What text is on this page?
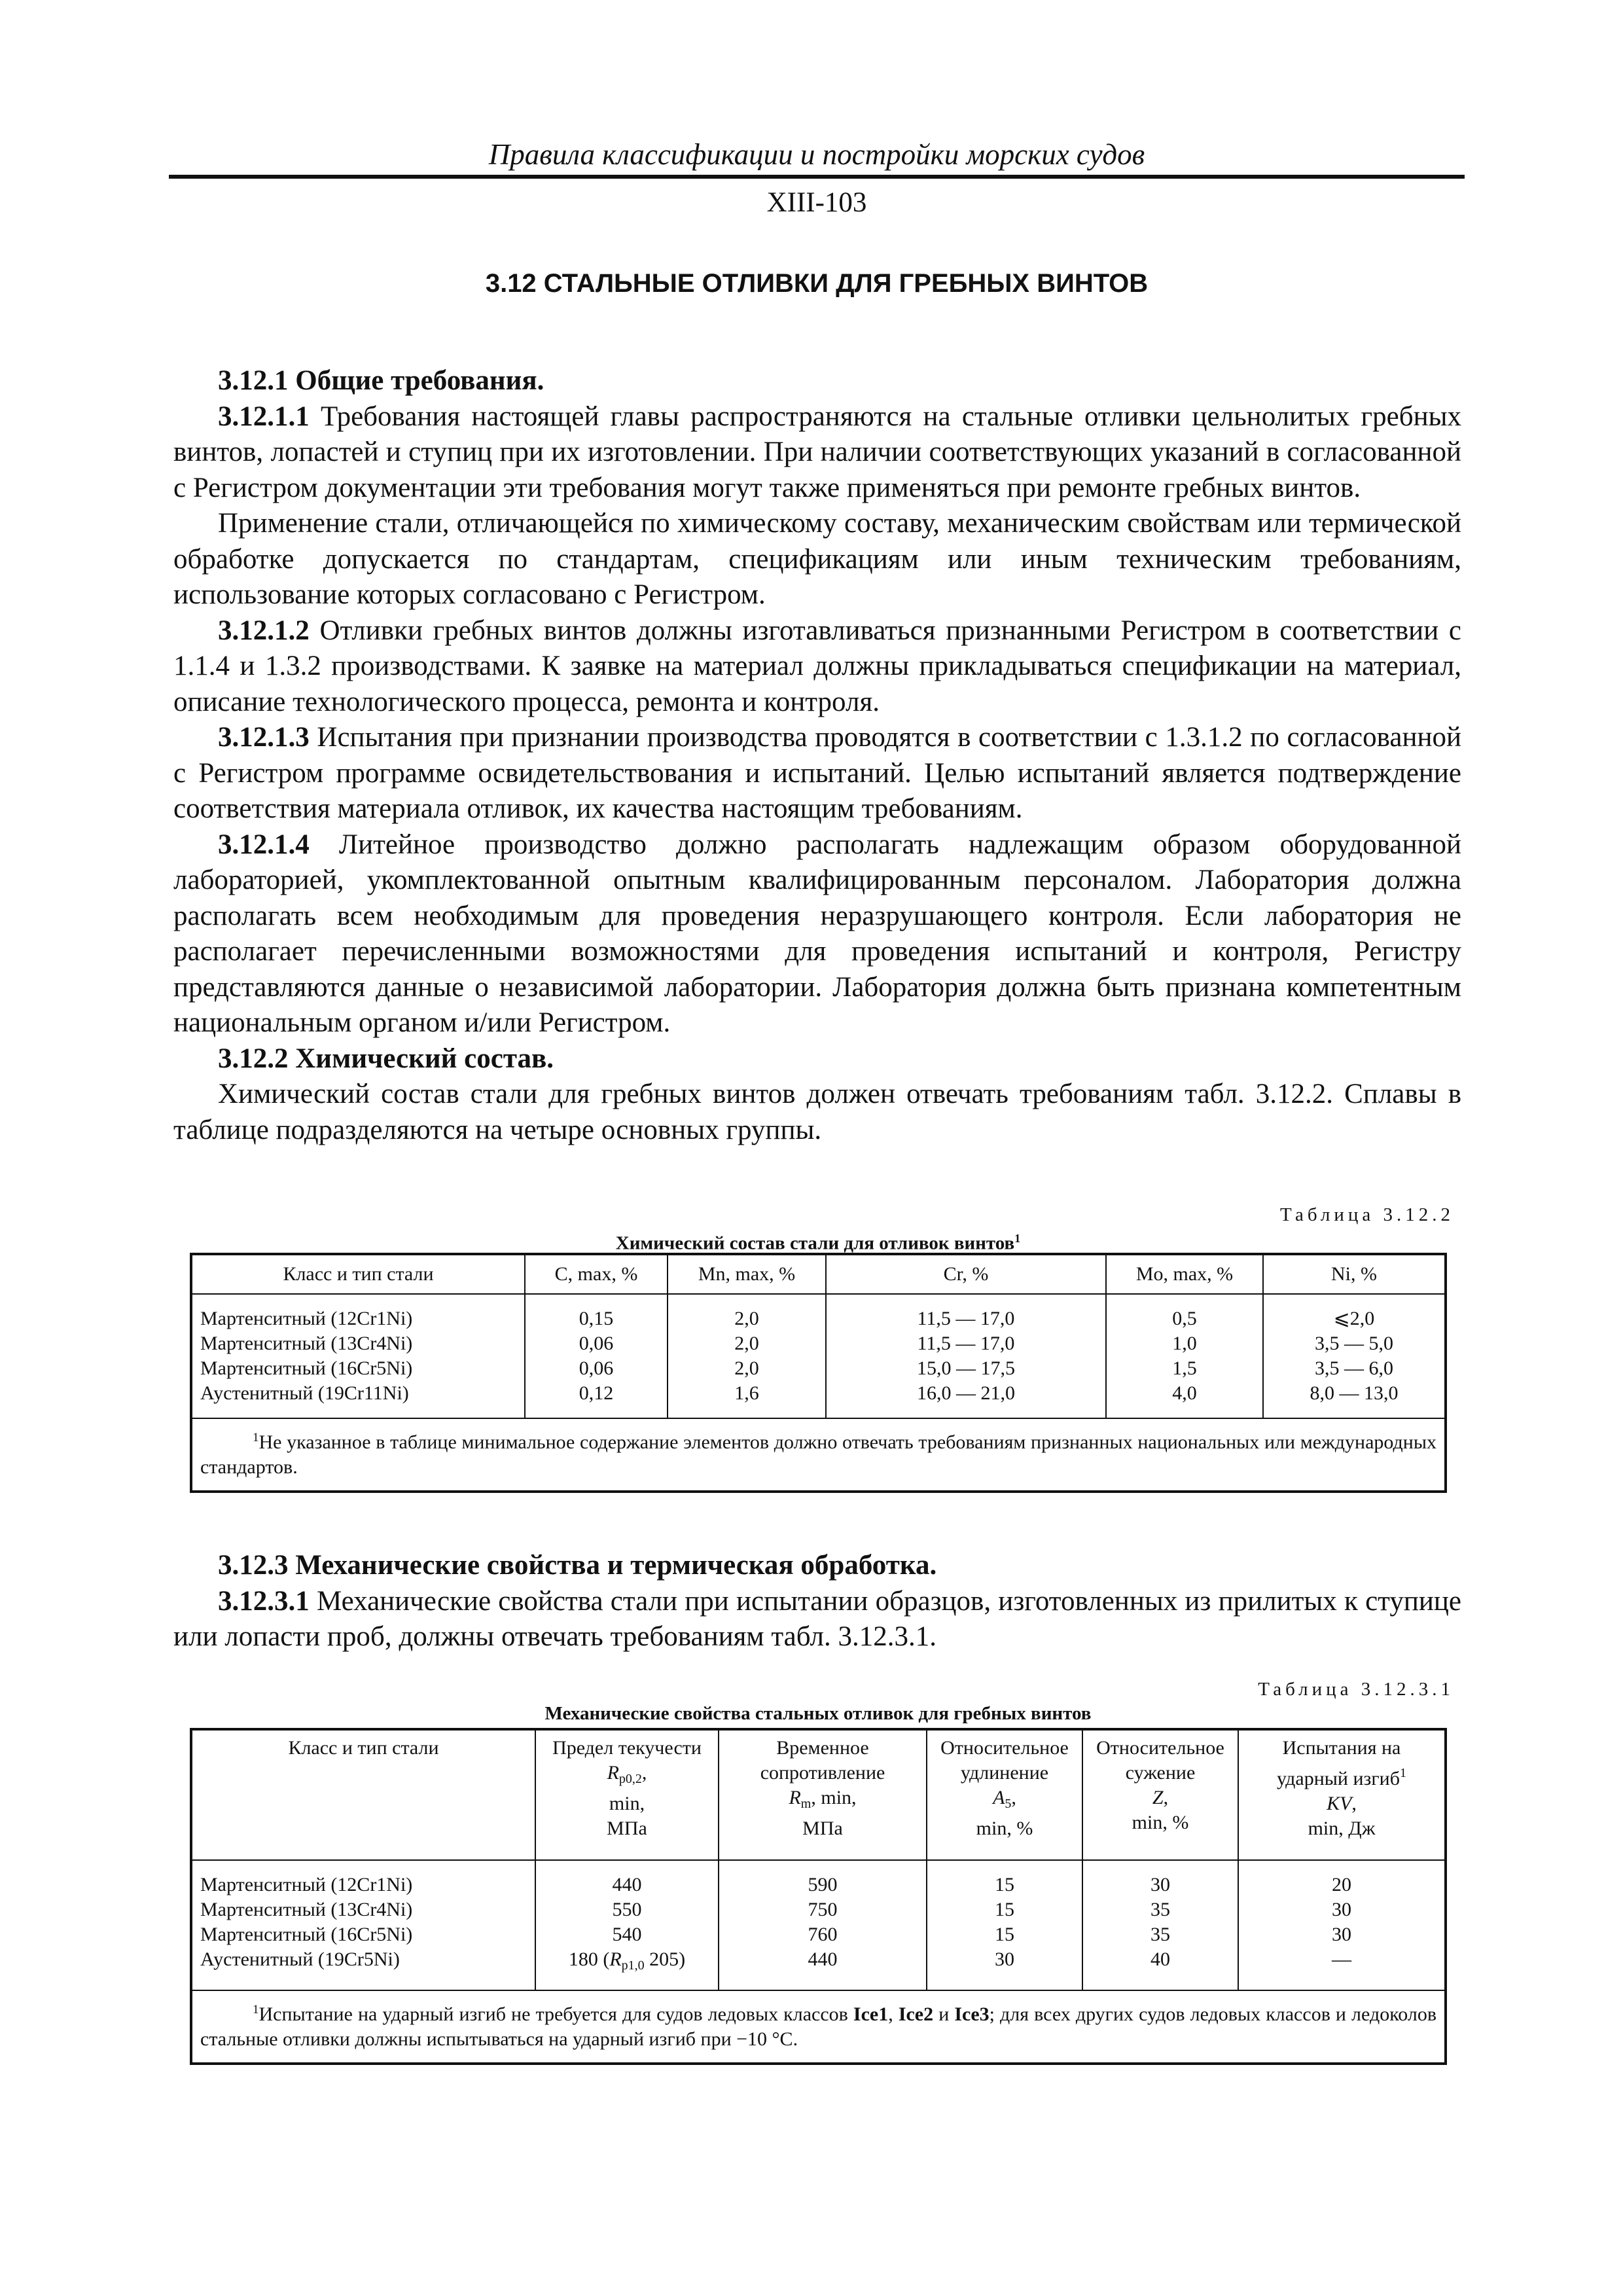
Правила классификации и постройки морских судов
XIII-103
3.12 СТАЛЬНЫЕ ОТЛИВКИ ДЛЯ ГРЕБНЫХ ВИНТОВ

3.12.1 Общие требования.

3.12.1.1 Требования настоящей главы распространяются на стальные отливки цельнолитых гребных винтов, лопастей и ступиц при их изготовлении. При наличии соответствующих указаний в согласованной с Регистром документации эти требования могут также применяться при ремонте гребных винтов.

Применение стали, отличающейся по химическому составу, механическим свойствам или термической обработке допускается по стандартам, спецификациям или иным техническим требованиям, использование которых согласовано с Регистром.

3.12.1.2 Отливки гребных винтов должны изготавливаться признанными Регистром в соответствии с 1.1.4 и 1.3.2 производствами. К заявке на материал должны прикладываться спецификации на материал, описание технологического процесса, ремонта и контроля.

3.12.1.3 Испытания при признании производства проводятся в соответствии с 1.3.1.2 по согласованной с Регистром программе освидетельствования и испытаний. Целью испытаний является подтверждение соответствия материала отливок, их качества настоящим требованиям.

3.12.1.4 Литейное производство должно располагать надлежащим образом оборудованной лабораторией, укомплектованной опытным квалифицированным персоналом. Лаборатория должна располагать всем необходимым для проведения неразрушающего контроля. Если лаборатория не располагает перечисленными возможностями для проведения испытаний и контроля, Регистру представляются данные о независимой лаборатории. Лаборатория должна быть признана компетентным национальным органом и/или Регистром.

3.12.2 Химический состав.

Химический состав стали для гребных винтов должен отвечать требованиям табл. 3.12.2. Сплавы в таблице подразделяются на четыре основных группы.

Таблица 3.12.2
Химический состав стали для отливок винтов$^1$
Класс и тип стали	C, max, %	Mn, max, %	Cr, %	Mo, max, %	Ni, %
Мартенситный (12Cr1Ni)	0,15	2,0	11,5 — 17,0	0,5	⩽2,0
Мартенситный (13Cr4Ni)	0,06	2,0	11,5 — 17,0	1,0	3,5 — 5,0
Мартенситный (16Cr5Ni)	0,06	2,0	15,0 — 17,5	1,5	3,5 — 6,0
Аустенитный (19Cr11Ni)	0,12	1,6	16,0 — 21,0	4,0	8,0 — 13,0

$^1$Не указанное в таблице минимальное содержание элементов должно отвечать требованиям признанных национальных или международных стандартов.					

3.12.3 Механические свойства и термическая обработка.

3.12.3.1 Механические свойства стали при испытании образцов, изготовленных из прилитых к ступице или лопасти проб, должны отвечать требованиям табл. 3.12.3.1.

Таблица 3.12.3.1
Механические свойства стальных отливок для гребных винтов
Класс и тип стали	Предел текучести
$R_{p0,2}$,
min,
МПа	Временное
сопротивление
$R_m$, min,
МПа	Относительное
удлинение
$A_5$,
min, %	Относительное
сужение
Z,
min, %	Испытания на
ударный изгиб$^1$
KV,
min, Дж
Мартенситный (12Cr1Ni)	440	590	15	30	20
Мартенситный (13Cr4Ni)	550	750	15	35	30
Мартенситный (16Cr5Ni)	540	760	15	35	30
Аустенитный (19Cr5Ni)	180 ($R_{p1,0}$ 205)	440	30	40	—

$^1$Испытание на ударный изгиб не требуется для судов ледовых классов Ice1, Ice2 и Ice3; для всех других судов ледовых классов и ледоколов стальные отливки должны испытываться на ударный изгиб при −10 °С.					
